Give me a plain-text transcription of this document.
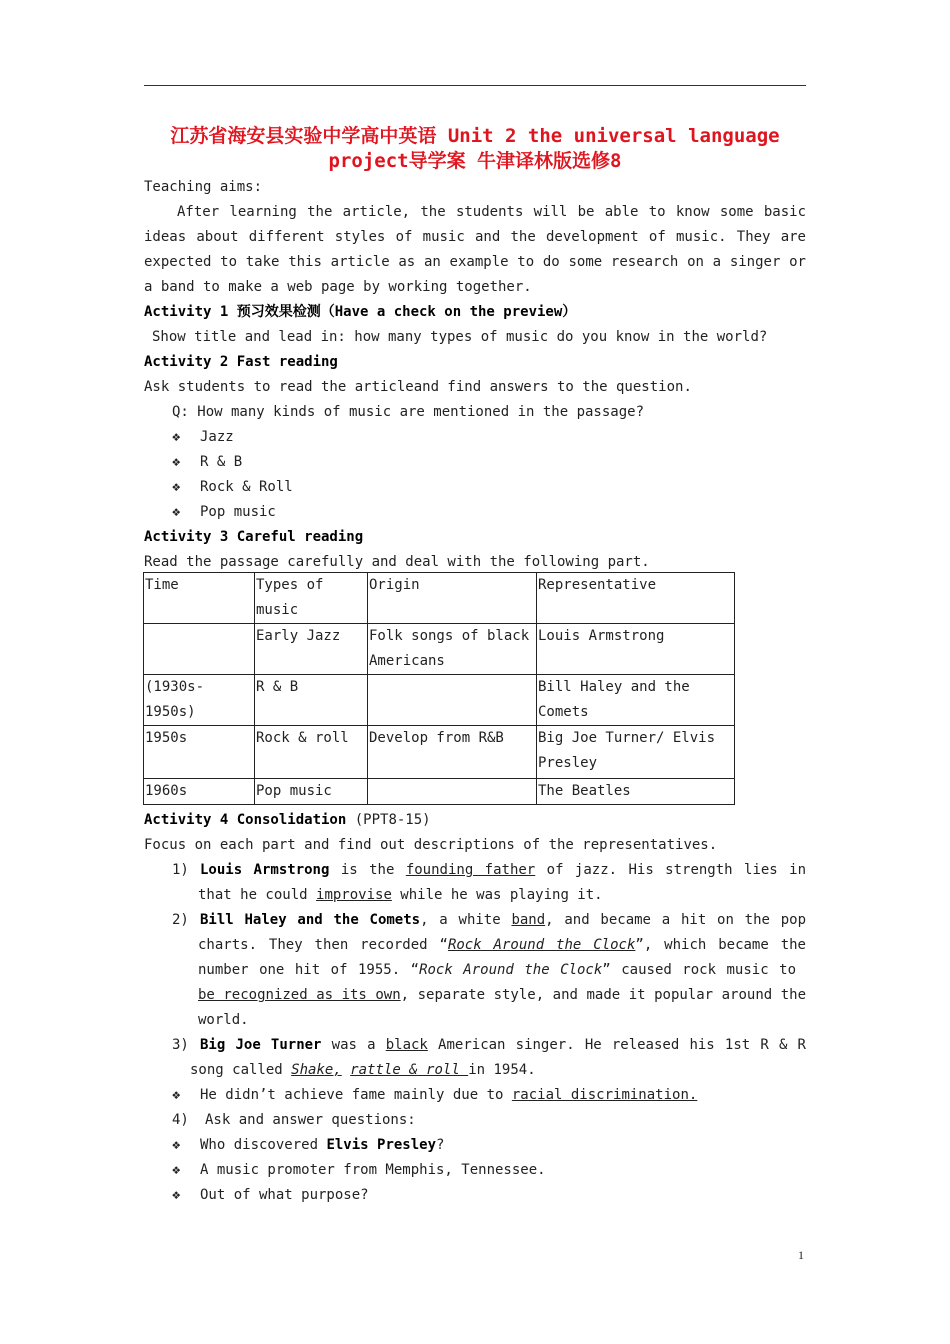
江苏省海安县实验中学高中英语 Unit 2 the universal language
project导学案 牛津译林版选修8
Teaching aims:
After learning the article, the students will be able to know some basic
ideas about different styles of music and the development of music. They are
expected to take this article as an example to do some research on a singer or
a band to make a web page by working together.
Activity 1 预习效果检测（Have a check on the preview）
Show title and lead in: how many types of music do you know in the world?
Activity 2 Fast reading
Ask students to read the articleand find answers to the question.
Q: How many kinds of music are mentioned in the passage?
❖ Jazz
❖ R & B
❖ Rock & Roll
❖ Pop music
Activity 3 Careful reading
Read the passage carefully and deal with the following part.
Time	Types of music	Origin	Representative
	Early Jazz	Folk songs of black Americans	Louis Armstrong
(1930s-1950s)	R & B		Bill Haley and the Comets
1950s	Rock & roll	Develop from R&B	Big Joe Turner/ Elvis Presley
1960s	Pop music		The Beatles
Activity 4 Consolidation (PPT8-15)
Focus on each part and find out descriptions of the representatives.
1) Louis Armstrong is the founding father of jazz. His strength lies in
that he could improvise while he was playing it.
2) Bill Haley and the Comets, a white band, and became a hit on the pop
charts. They then recorded “Rock Around the Clock”, which became the
number one hit of 1955. “Rock Around the Clock” caused rock music to
be recognized as its own, separate style, and made it popular around the
world.
3) Big Joe Turner was a black American singer. He released his 1st R & R
song called Shake, rattle & roll in 1954.
❖ He didn’t achieve fame mainly due to racial discrimination.
4) Ask and answer questions:
❖ Who discovered Elvis Presley?
❖ A music promoter from Memphis, Tennessee.
❖ Out of what purpose?
1
